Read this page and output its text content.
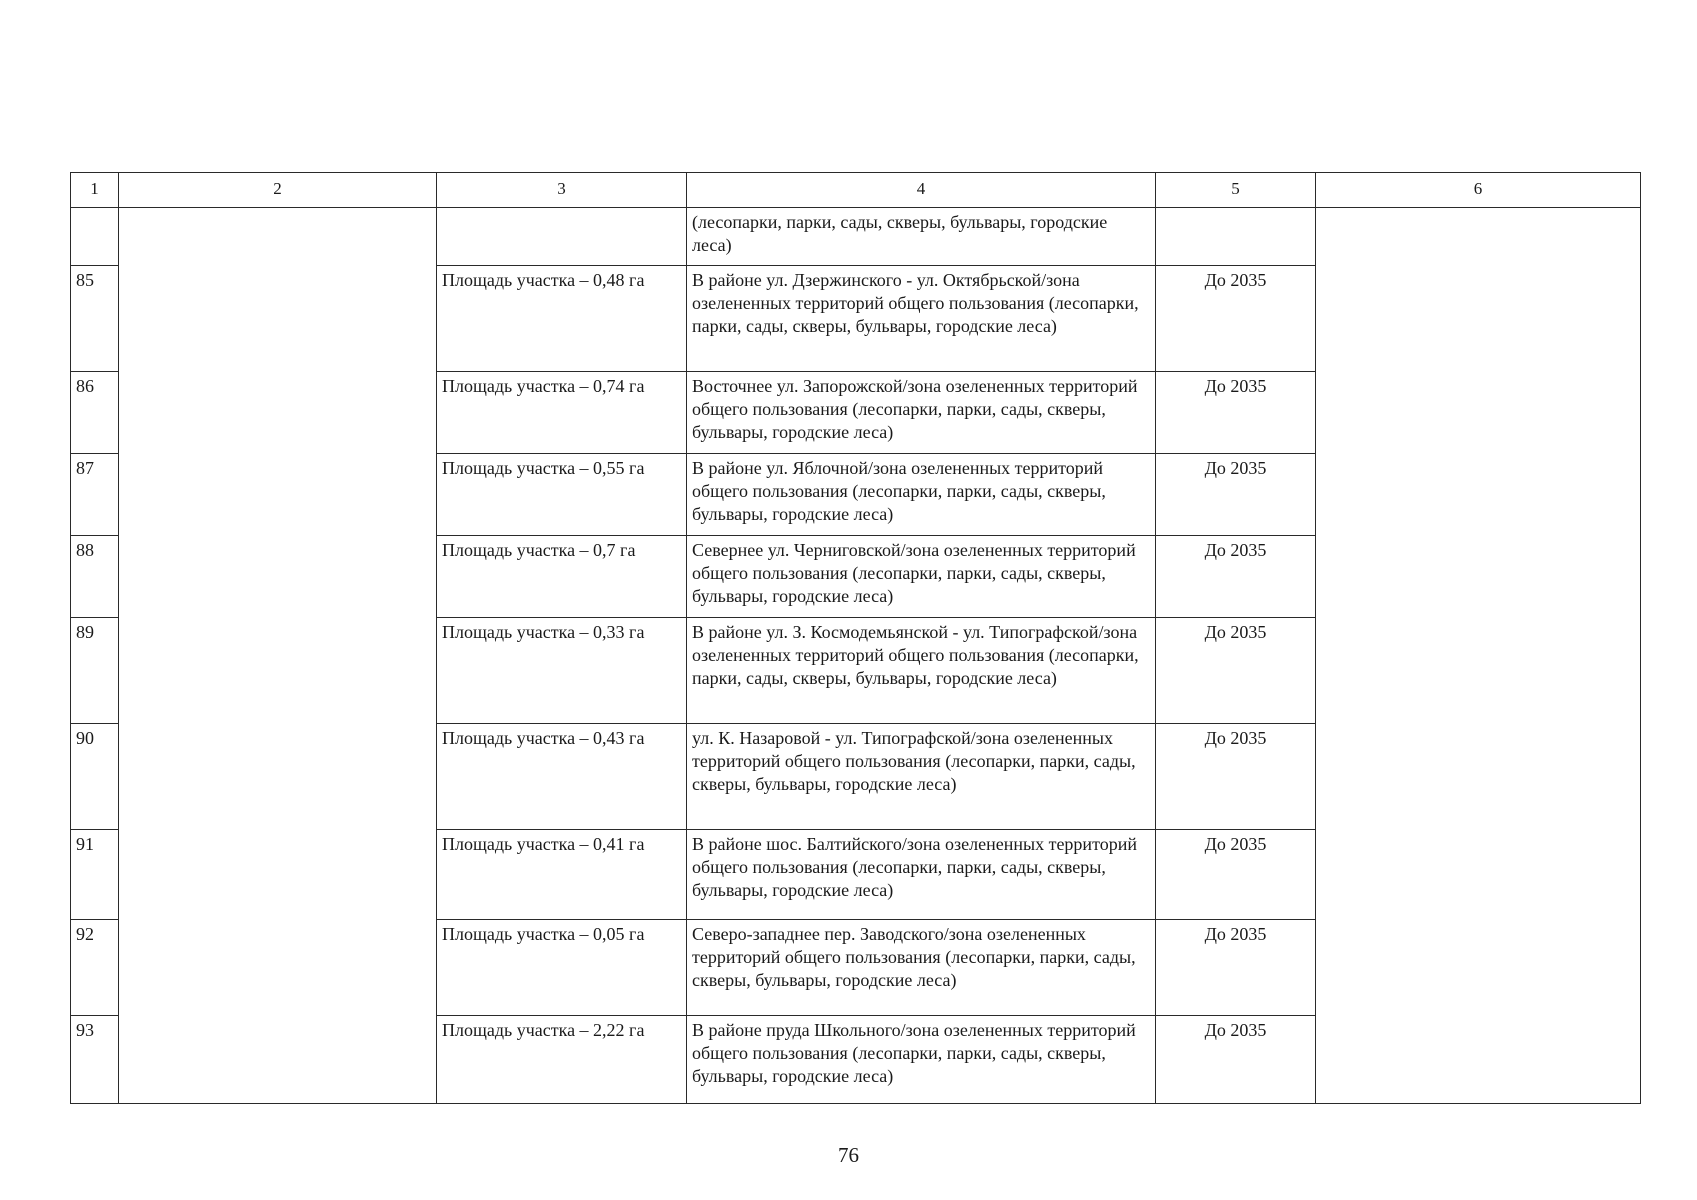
1	2	3	4	5	6
			(лесопарки, парки, сады, скверы, бульвары, городские леса)		
85		Площадь участка – 0,48 га	В районе ул. Дзержинского - ул. Октябрьской/зона озелененных территорий общего пользования (лесопарки, парки, сады, скверы, бульвары, городские леса)	До 2035	
86		Площадь участка – 0,74 га	Восточнее ул. Запорожской/зона озелененных территорий общего пользования (лесопарки, парки, сады, скверы, бульвары, городские леса)	До 2035	
87		Площадь участка – 0,55 га	В районе ул. Яблочной/зона озелененных территорий общего пользования (лесопарки, парки, сады, скверы, бульвары, городские леса)	До 2035	
88		Площадь участка – 0,7 га	Севернее ул. Черниговской/зона озелененных территорий общего пользования (лесопарки, парки, сады, скверы, бульвары, городские леса)	До 2035	
89		Площадь участка – 0,33 га	В районе ул. З. Космодемьянской - ул. Типографской/зона озелененных территорий общего пользования (лесопарки, парки, сады, скверы, бульвары, городские леса)	До 2035	
90		Площадь участка – 0,43 га	ул. К. Назаровой - ул. Типографской/зона озелененных территорий общего пользования (лесопарки, парки, сады, скверы, бульвары, городские леса)	До 2035	
91		Площадь участка – 0,41 га	В районе шос. Балтийского/зона озелененных территорий общего пользования (лесопарки, парки, сады, скверы, бульвары, городские леса)	До 2035	
92		Площадь участка – 0,05 га	Северо-западнее пер. Заводского/зона озелененных территорий общего пользования (лесопарки, парки, сады, скверы, бульвары, городские леса)	До 2035	
93		Площадь участка – 2,22 га	В районе пруда Школьного/зона озелененных территорий общего пользования (лесопарки, парки, сады, скверы, бульвары, городские леса)	До 2035	
76
